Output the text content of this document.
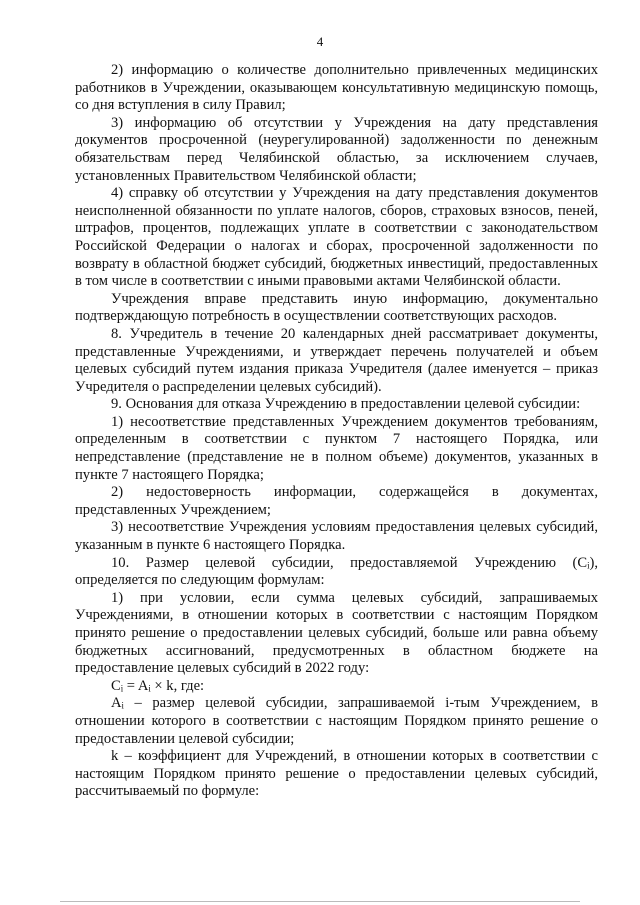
4

2) информацию о количестве дополнительно привлеченных медицинских работников в Учреждении, оказывающем консультативную медицинскую помощь, со дня вступления в силу Правил;

3) информацию об отсутствии у Учреждения на дату представления документов просроченной (неурегулированной) задолженности по денежным обязательствам перед Челябинской областью, за исключением случаев, установленных Правительством Челябинской области;

4) справку об отсутствии у Учреждения на дату представления документов неисполненной обязанности по уплате налогов, сборов, страховых взносов, пеней, штрафов, процентов, подлежащих уплате в соответствии с законодательством Российской Федерации о налогах и сборах, просроченной задолженности по возврату в областной бюджет субсидий, бюджетных инвестиций, предоставленных в том числе в соответствии с иными правовыми актами Челябинской области.

Учреждения вправе представить иную информацию, документально подтверждающую потребность в осуществлении соответствующих расходов.

8. Учредитель в течение 20 календарных дней рассматривает документы, представленные Учреждениями, и утверждает перечень получателей и объем целевых субсидий путем издания приказа Учредителя (далее именуется – приказ Учредителя о распределении целевых субсидий).

9. Основания для отказа Учреждению в предоставлении целевой субсидии:

1) несоответствие представленных Учреждением документов требованиям, определенным в соответствии с пунктом 7 настоящего Порядка, или непредставление (представление не в полном объеме) документов, указанных в пункте 7 настоящего Порядка;

2) недостоверность информации, содержащейся в документах, представленных Учреждением;

3) несоответствие Учреждения условиям предоставления целевых субсидий, указанным в пункте 6 настоящего Порядка.

10. Размер целевой субсидии, предоставляемой Учреждению (Cᵢ), определяется по следующим формулам:

1) при условии, если сумма целевых субсидий, запрашиваемых Учреждениями, в отношении которых в соответствии с настоящим Порядком принято решение о предоставлении целевых субсидий, больше или равна объему бюджетных ассигнований, предусмотренных в областном бюджете на предоставление целевых субсидий в 2022 году:

Cᵢ = Aᵢ × k, где:

Aᵢ – размер целевой субсидии, запрашиваемой i-тым Учреждением, в отношении которого в соответствии с настоящим Порядком принято решение о предоставлении целевой субсидии;

k – коэффициент для Учреждений, в отношении которых в соответствии с настоящим Порядком принято решение о предоставлении целевых субсидий, рассчитываемый по формуле:
